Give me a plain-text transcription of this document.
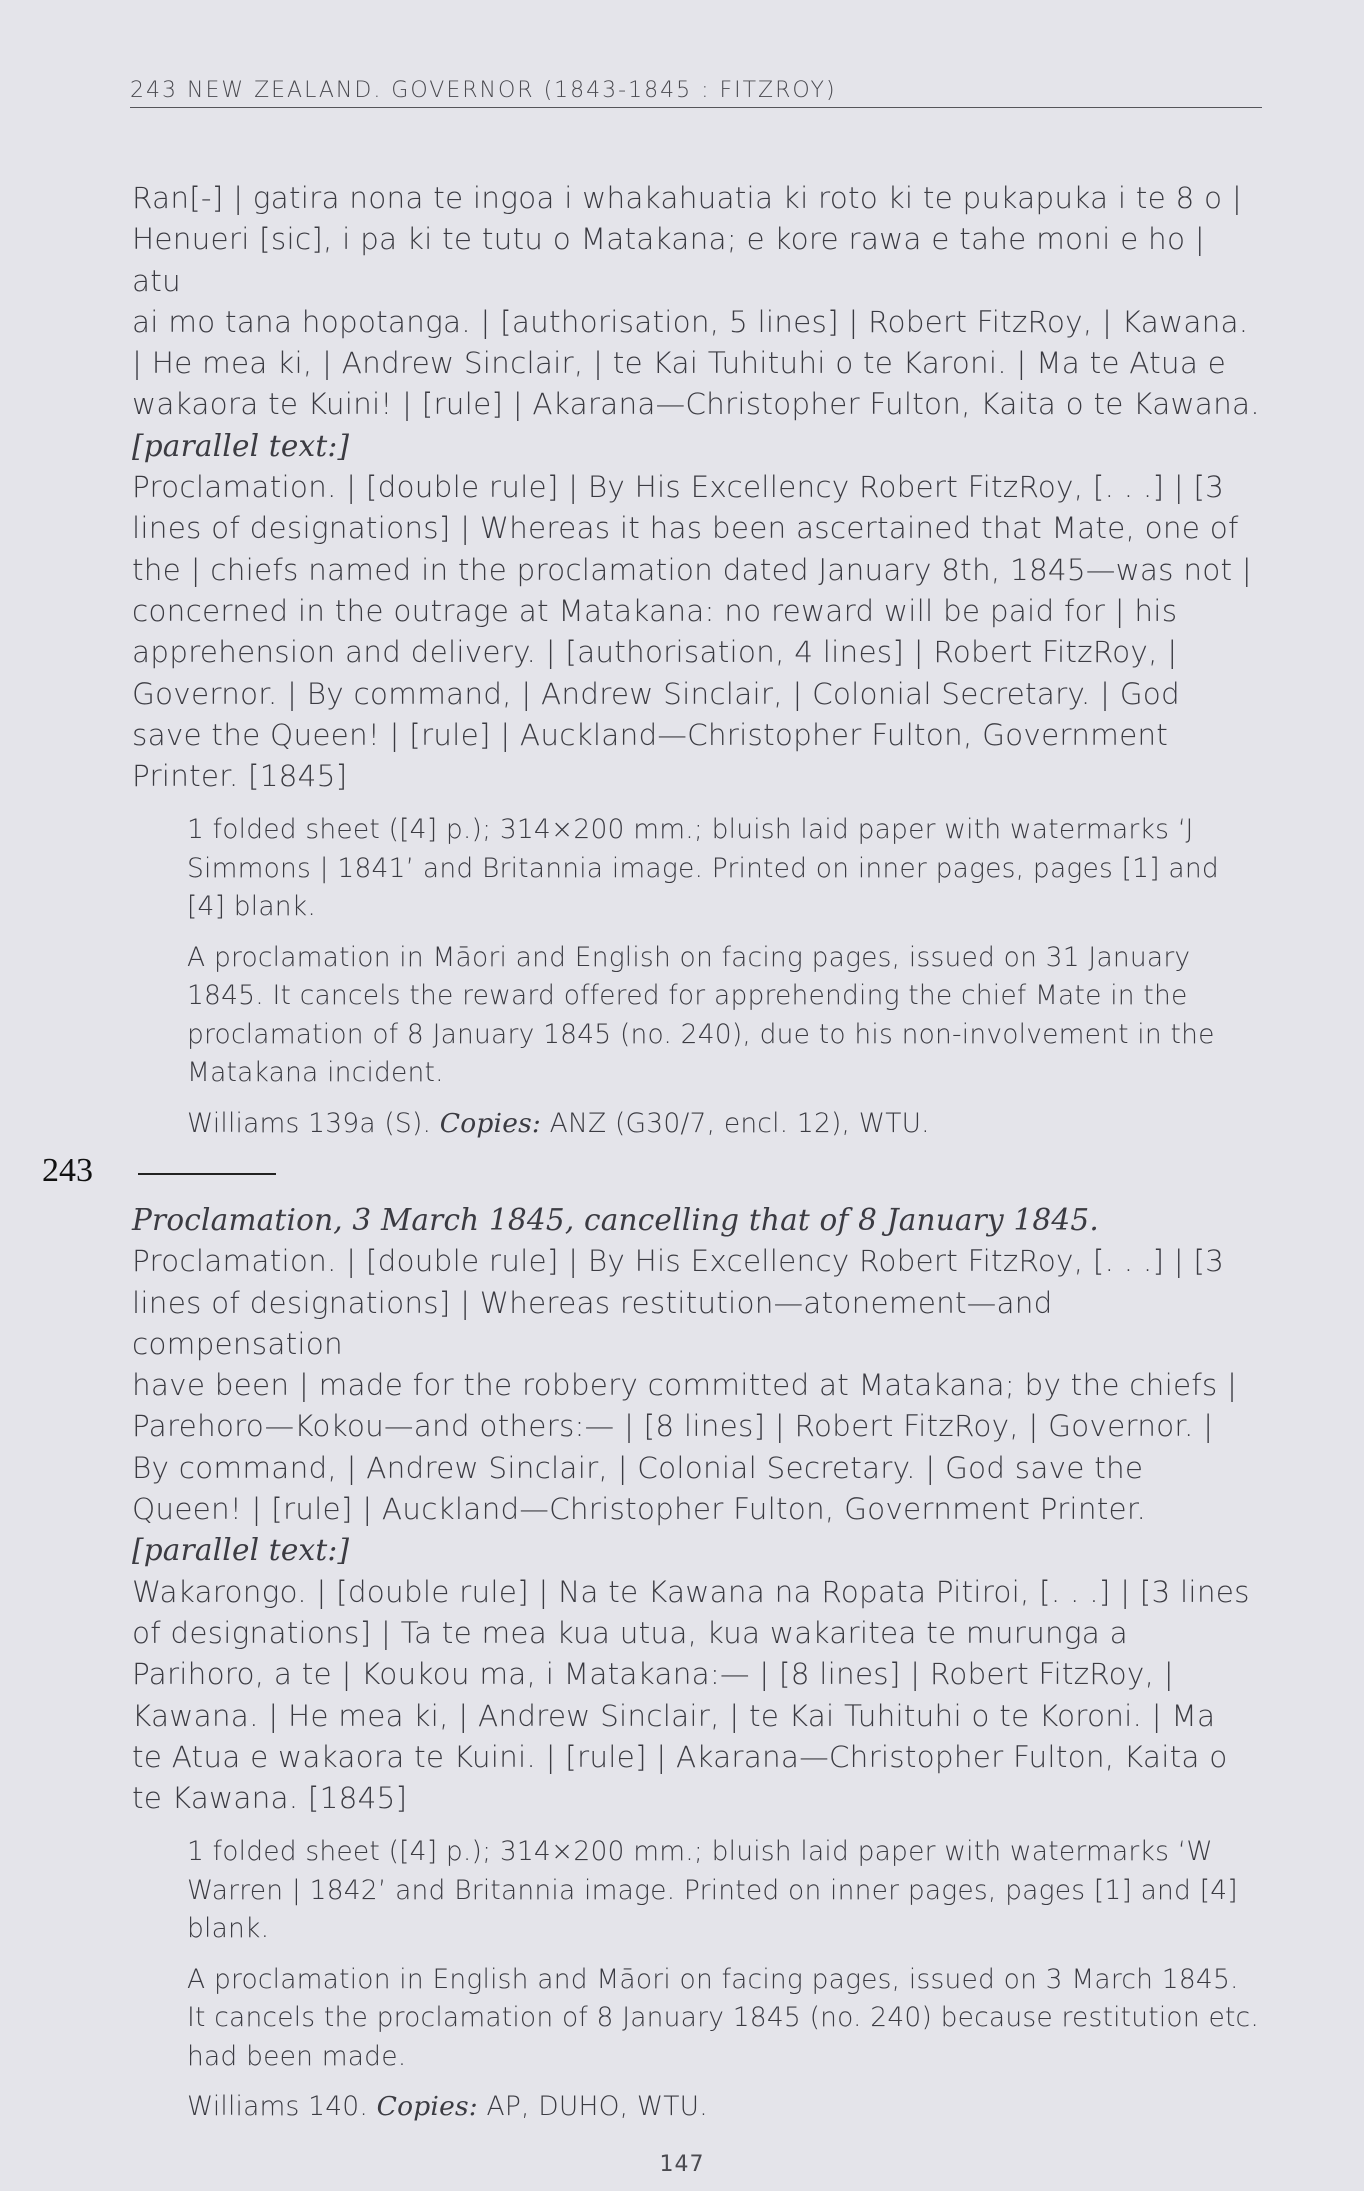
243 NEW ZEALAND. GOVERNOR (1843-1845 : FITZROY)

Ran[-] | gatira nona te ingoa i whakahuatia ki roto ki te pukapuka i te 8 o |
Henueri [sic], i pa ki te tutu o Matakana; e kore rawa e tahe moni e ho | atu
ai mo tana hopotanga. | [authorisation, 5 lines] | Robert FitzRoy, | Kawana.
| He mea ki, | Andrew Sinclair, | te Kai Tuhituhi o te Karoni. | Ma te Atua e
wakaora te Kuini! | [rule] | Akarana—Christopher Fulton, Kaita o te Kawana.
[parallel text:]
Proclamation. | [double rule] | By His Excellency Robert FitzRoy, [. . .] | [3
lines of designations] | Whereas it has been ascertained that Mate, one of
the | chiefs named in the proclamation dated January 8th, 1845—was not |
concerned in the outrage at Matakana: no reward will be paid for | his
apprehension and delivery. | [authorisation, 4 lines] | Robert FitzRoy, |
Governor. | By command, | Andrew Sinclair, | Colonial Secretary. | God
save the Queen! | [rule] | Auckland—Christopher Fulton, Government
Printer. [1845]

1 folded sheet ([4] p.); 314×200 mm.; bluish laid paper with watermarks ‘J Simmons | 1841’ and Britannia image. Printed on inner pages, pages [1] and [4] blank.

A proclamation in Māori and English on facing pages, issued on 31 January 1845. It cancels the reward offered for apprehending the chief Mate in the proclamation of 8 January 1845 (no. 240), due to his non-involvement in the Matakana incident.

Williams 139a (S). Copies: ANZ (G30/7, encl. 12), WTU.

243

Proclamation, 3 March 1845, cancelling that of 8 January 1845.
Proclamation. | [double rule] | By His Excellency Robert FitzRoy, [. . .] | [3
lines of designations] | Whereas restitution—atonement—and compensation
have been | made for the robbery committed at Matakana; by the chiefs |
Parehoro—Kokou—and others:— | [8 lines] | Robert FitzRoy, | Governor. |
By command, | Andrew Sinclair, | Colonial Secretary. | God save the
Queen! | [rule] | Auckland—Christopher Fulton, Government Printer.
[parallel text:]
Wakarongo. | [double rule] | Na te Kawana na Ropata Pitiroi, [. . .] | [3 lines
of designations] | Ta te mea kua utua, kua wakaritea te murunga a
Parihoro, a te | Koukou ma, i Matakana:— | [8 lines] | Robert FitzRoy, |
Kawana. | He mea ki, | Andrew Sinclair, | te Kai Tuhituhi o te Koroni. | Ma
te Atua e wakaora te Kuini. | [rule] | Akarana—Christopher Fulton, Kaita o
te Kawana. [1845]

1 folded sheet ([4] p.); 314×200 mm.; bluish laid paper with watermarks ‘W Warren | 1842’ and Britannia image. Printed on inner pages, pages [1] and [4] blank.

A proclamation in English and Māori on facing pages, issued on 3 March 1845. It cancels the proclamation of 8 January 1845 (no. 240) because restitution etc. had been made.

Williams 140. Copies: AP, DUHO, WTU.

147
